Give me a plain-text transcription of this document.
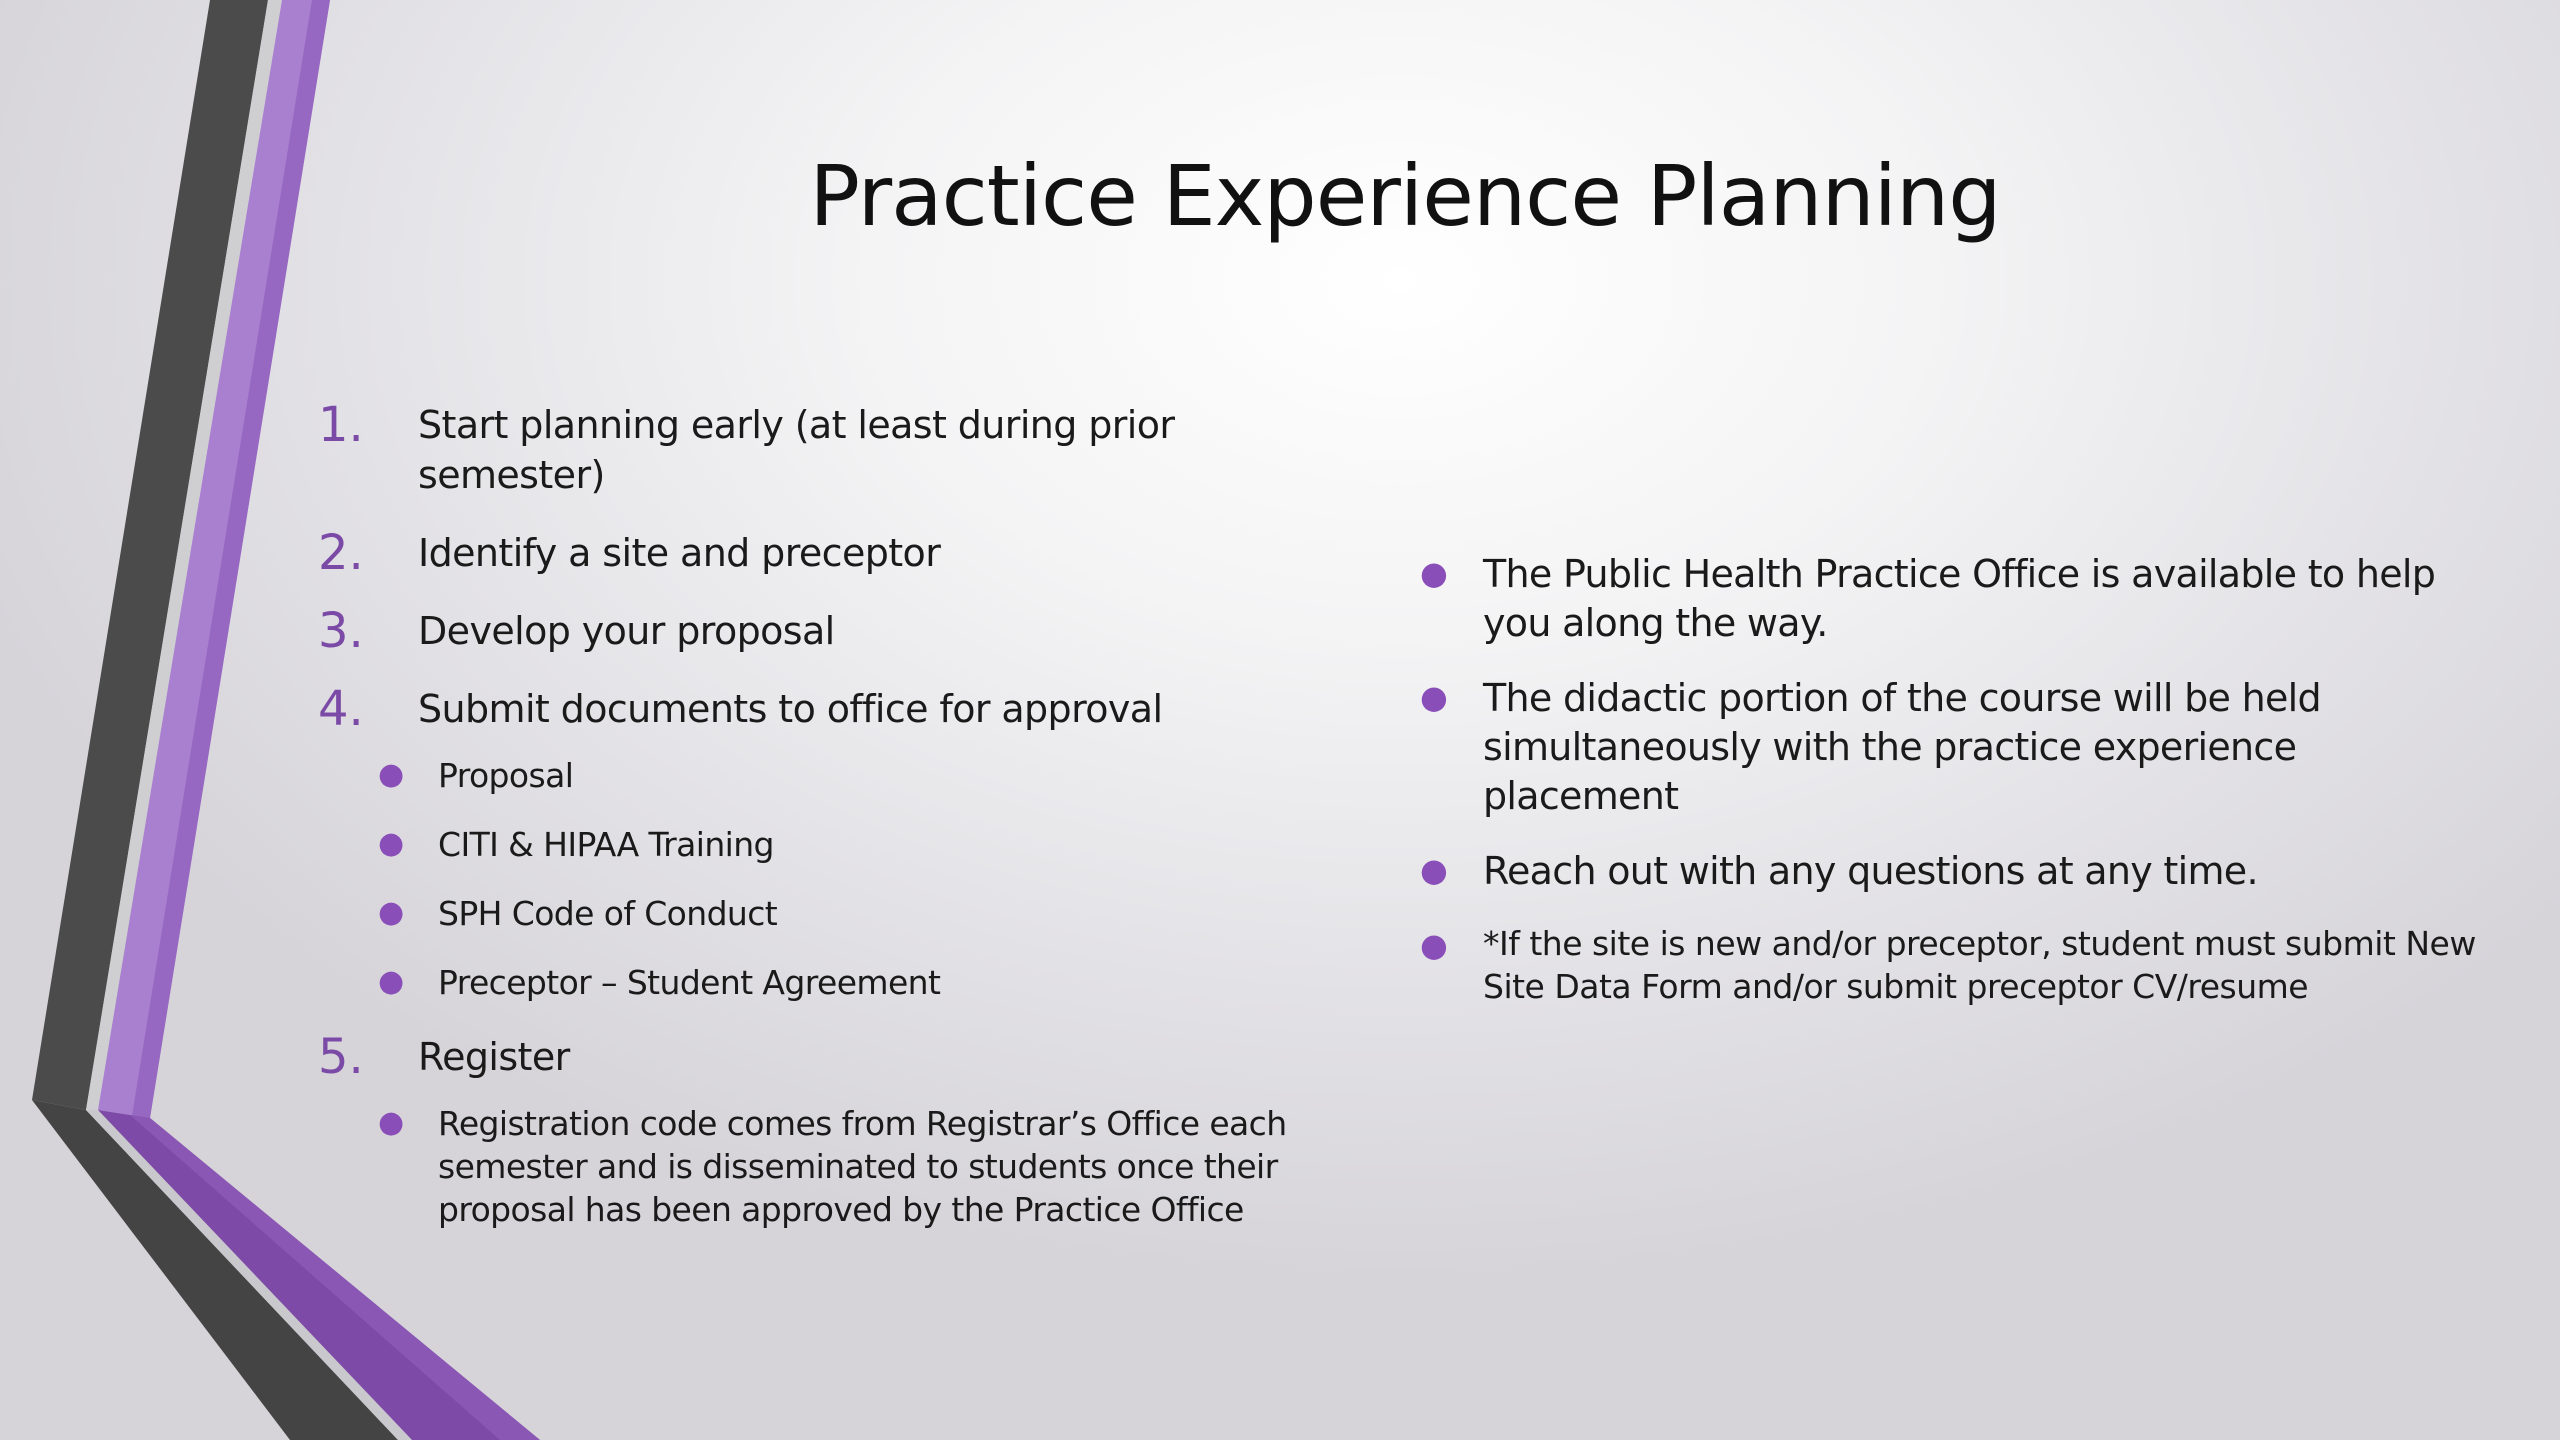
Practice Experience Planning
1.	Start planning early (at least during prior semester)
2.	Identify a site and preceptor
3.	Develop your proposal
4.	Submit documents to office for approval
●	Proposal
●	CITI & HIPAA Training
●	SPH Code of Conduct
●	Preceptor – Student Agreement
5.	Register
●	Registration code comes from Registrar’s Office each semester and is disseminated to students once their proposal has been approved by the Practice Office
● The Public Health Practice Office is available to help you along the way.
● The didactic portion of the course will be held simultaneously with the practice experience placement
● Reach out with any questions at any time.
●	*If the site is new and/or preceptor, student must submit New Site Data Form and/or submit preceptor CV/resume
